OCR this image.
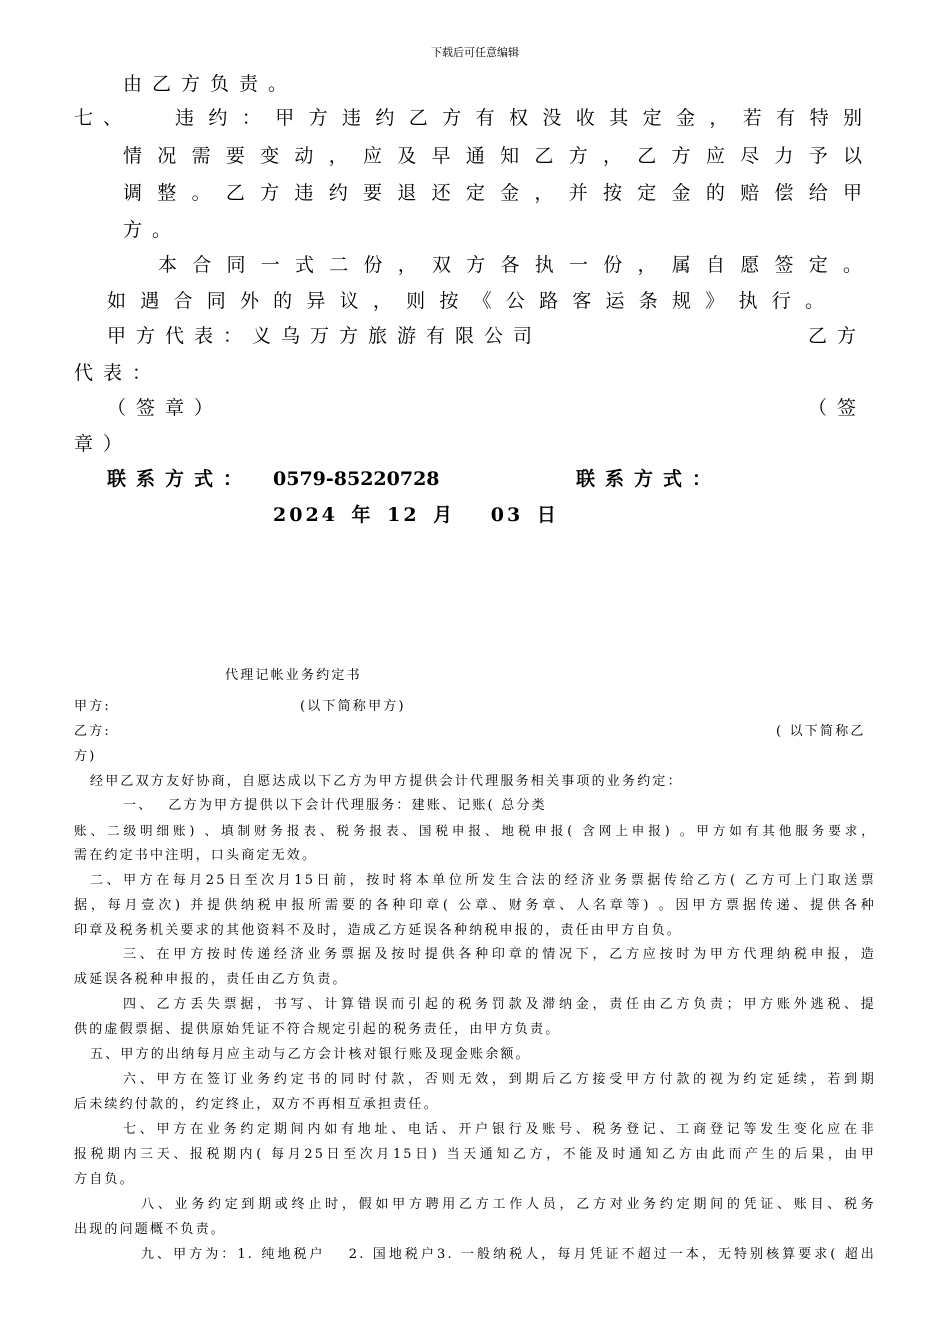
下载后可任意编辑
由乙方负责。
七、 违约：甲方违约乙方有权没收其定金，若有特别
情况需要变动，应及早通知乙方，乙方应尽力予以
调整。乙方违约要退还定金，并按定金的赔偿给甲
方。
本合同一式二份，双方各执一份，属自愿签定。
如遇合同外的异议，则按《公路客运条规》执行。
甲方代表：义乌万方旅游有限公司	乙方
代表：
（签章）	（签
章）
联系方式： 0579-85220728	联系方式：
2024 年 12 月　 03 日
代理记帐业务约定书
甲方:	(以下简称甲方)
乙方:	( 以下简称乙
方)
经甲乙双方友好协商，自愿达成以下乙方为甲方提供会计代理服务相关事项的业务约定：
一、　 乙方为甲方提供以下会计代理服务：建账、记账( 总分类
账、二级明细账) 、填制财务报表、税务报表、国税申报、地税申报( 含网上申报) 。甲方如有其他服务要求，
需在约定书中注明，口头商定无效。
二、甲方在每月25日至次月15日前，按时将本单位所发生合法的经济业务票据传给乙方( 乙方可上门取送票
据，每月壹次) 并提供纳税申报所需要的各种印章( 公章、财务章、人名章等) 。因甲方票据传递、提供各种
印章及税务机关要求的其他资料不及时，造成乙方延误各种纳税申报的，责任由甲方自负。
三、在甲方按时传递经济业务票据及按时提供各种印章的情况下，乙方应按时为甲方代理纳税申报，造
成延误各税种申报的，责任由乙方负责。
四、乙方丢失票据，书写、计算错误而引起的税务罚款及滞纳金，责任由乙方负责；甲方账外逃税、提
供的虚假票据、提供原始凭证不符合规定引起的税务责任，由甲方负责。
五、甲方的出纳每月应主动与乙方会计核对银行账及现金账余额。
六、甲方在签订业务约定书的同时付款，否则无效，到期后乙方接受甲方付款的视为约定延续，若到期
后未续约付款的，约定终止，双方不再相互承担责任。
七、甲方在业务约定期间内如有地址、电话、开户银行及账号、税务登记、工商登记等发生变化应在非
报税期内三天、报税期内( 每月25日至次月15日) 当天通知乙方，不能及时通知乙方由此而产生的后果，由甲
方自负。
八、业务约定到期或终止时，假如甲方聘用乙方工作人员，乙方对业务约定期间的凭证、账目、税务
出现的问题概不负责。
九、甲方为：1. 纯地税户　 2. 国地税户3. 一般纳税人，每月凭证不超过一本，无特别核算要求( 超出
